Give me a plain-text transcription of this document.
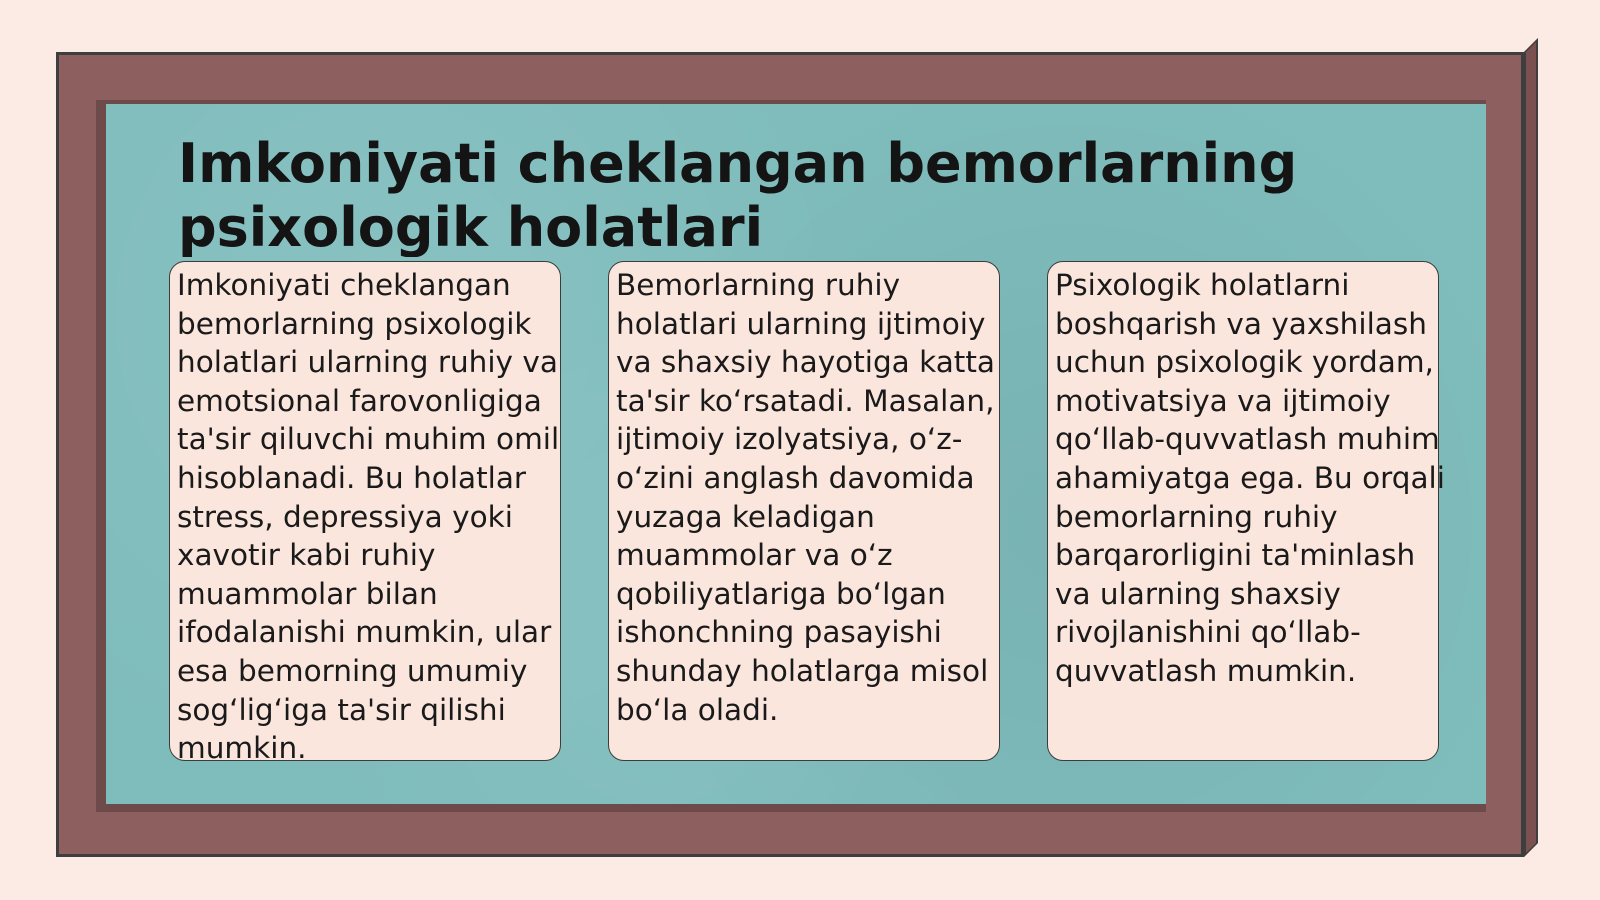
Imkoniyati cheklangan bemorlarning psixologik holatlari

Imkoniyati cheklangan bemorlarning psixologik holatlari ularning ruhiy va emotsional farovonligiga ta'sir qiluvchi muhim omil hisoblanadi. Bu holatlar stress, depressiya yoki xavotir kabi ruhiy muammolar bilan ifodalanishi mumkin, ular esa bemorning umumiy sog‘lig‘iga ta'sir qilishi mumkin.

Bemorlarning ruhiy holatlari ularning ijtimoiy va shaxsiy hayotiga katta ta'sir ko‘rsatadi. Masalan, ijtimoiy izolyatsiya, o‘z-o‘zini anglash davomida yuzaga keladigan muammolar va o‘z qobiliyatlariga bo‘lgan ishonchning pasayishi shunday holatlarga misol bo‘la oladi.

Psixologik holatlarni boshqarish va yaxshilash uchun psixologik yordam, motivatsiya va ijtimoiy qo‘llab-quvvatlash muhim ahamiyatga ega. Bu orqali bemorlarning ruhiy barqarorligini ta'minlash va ularning shaxsiy rivojlanishini qo‘llab-quvvatlash mumkin.
